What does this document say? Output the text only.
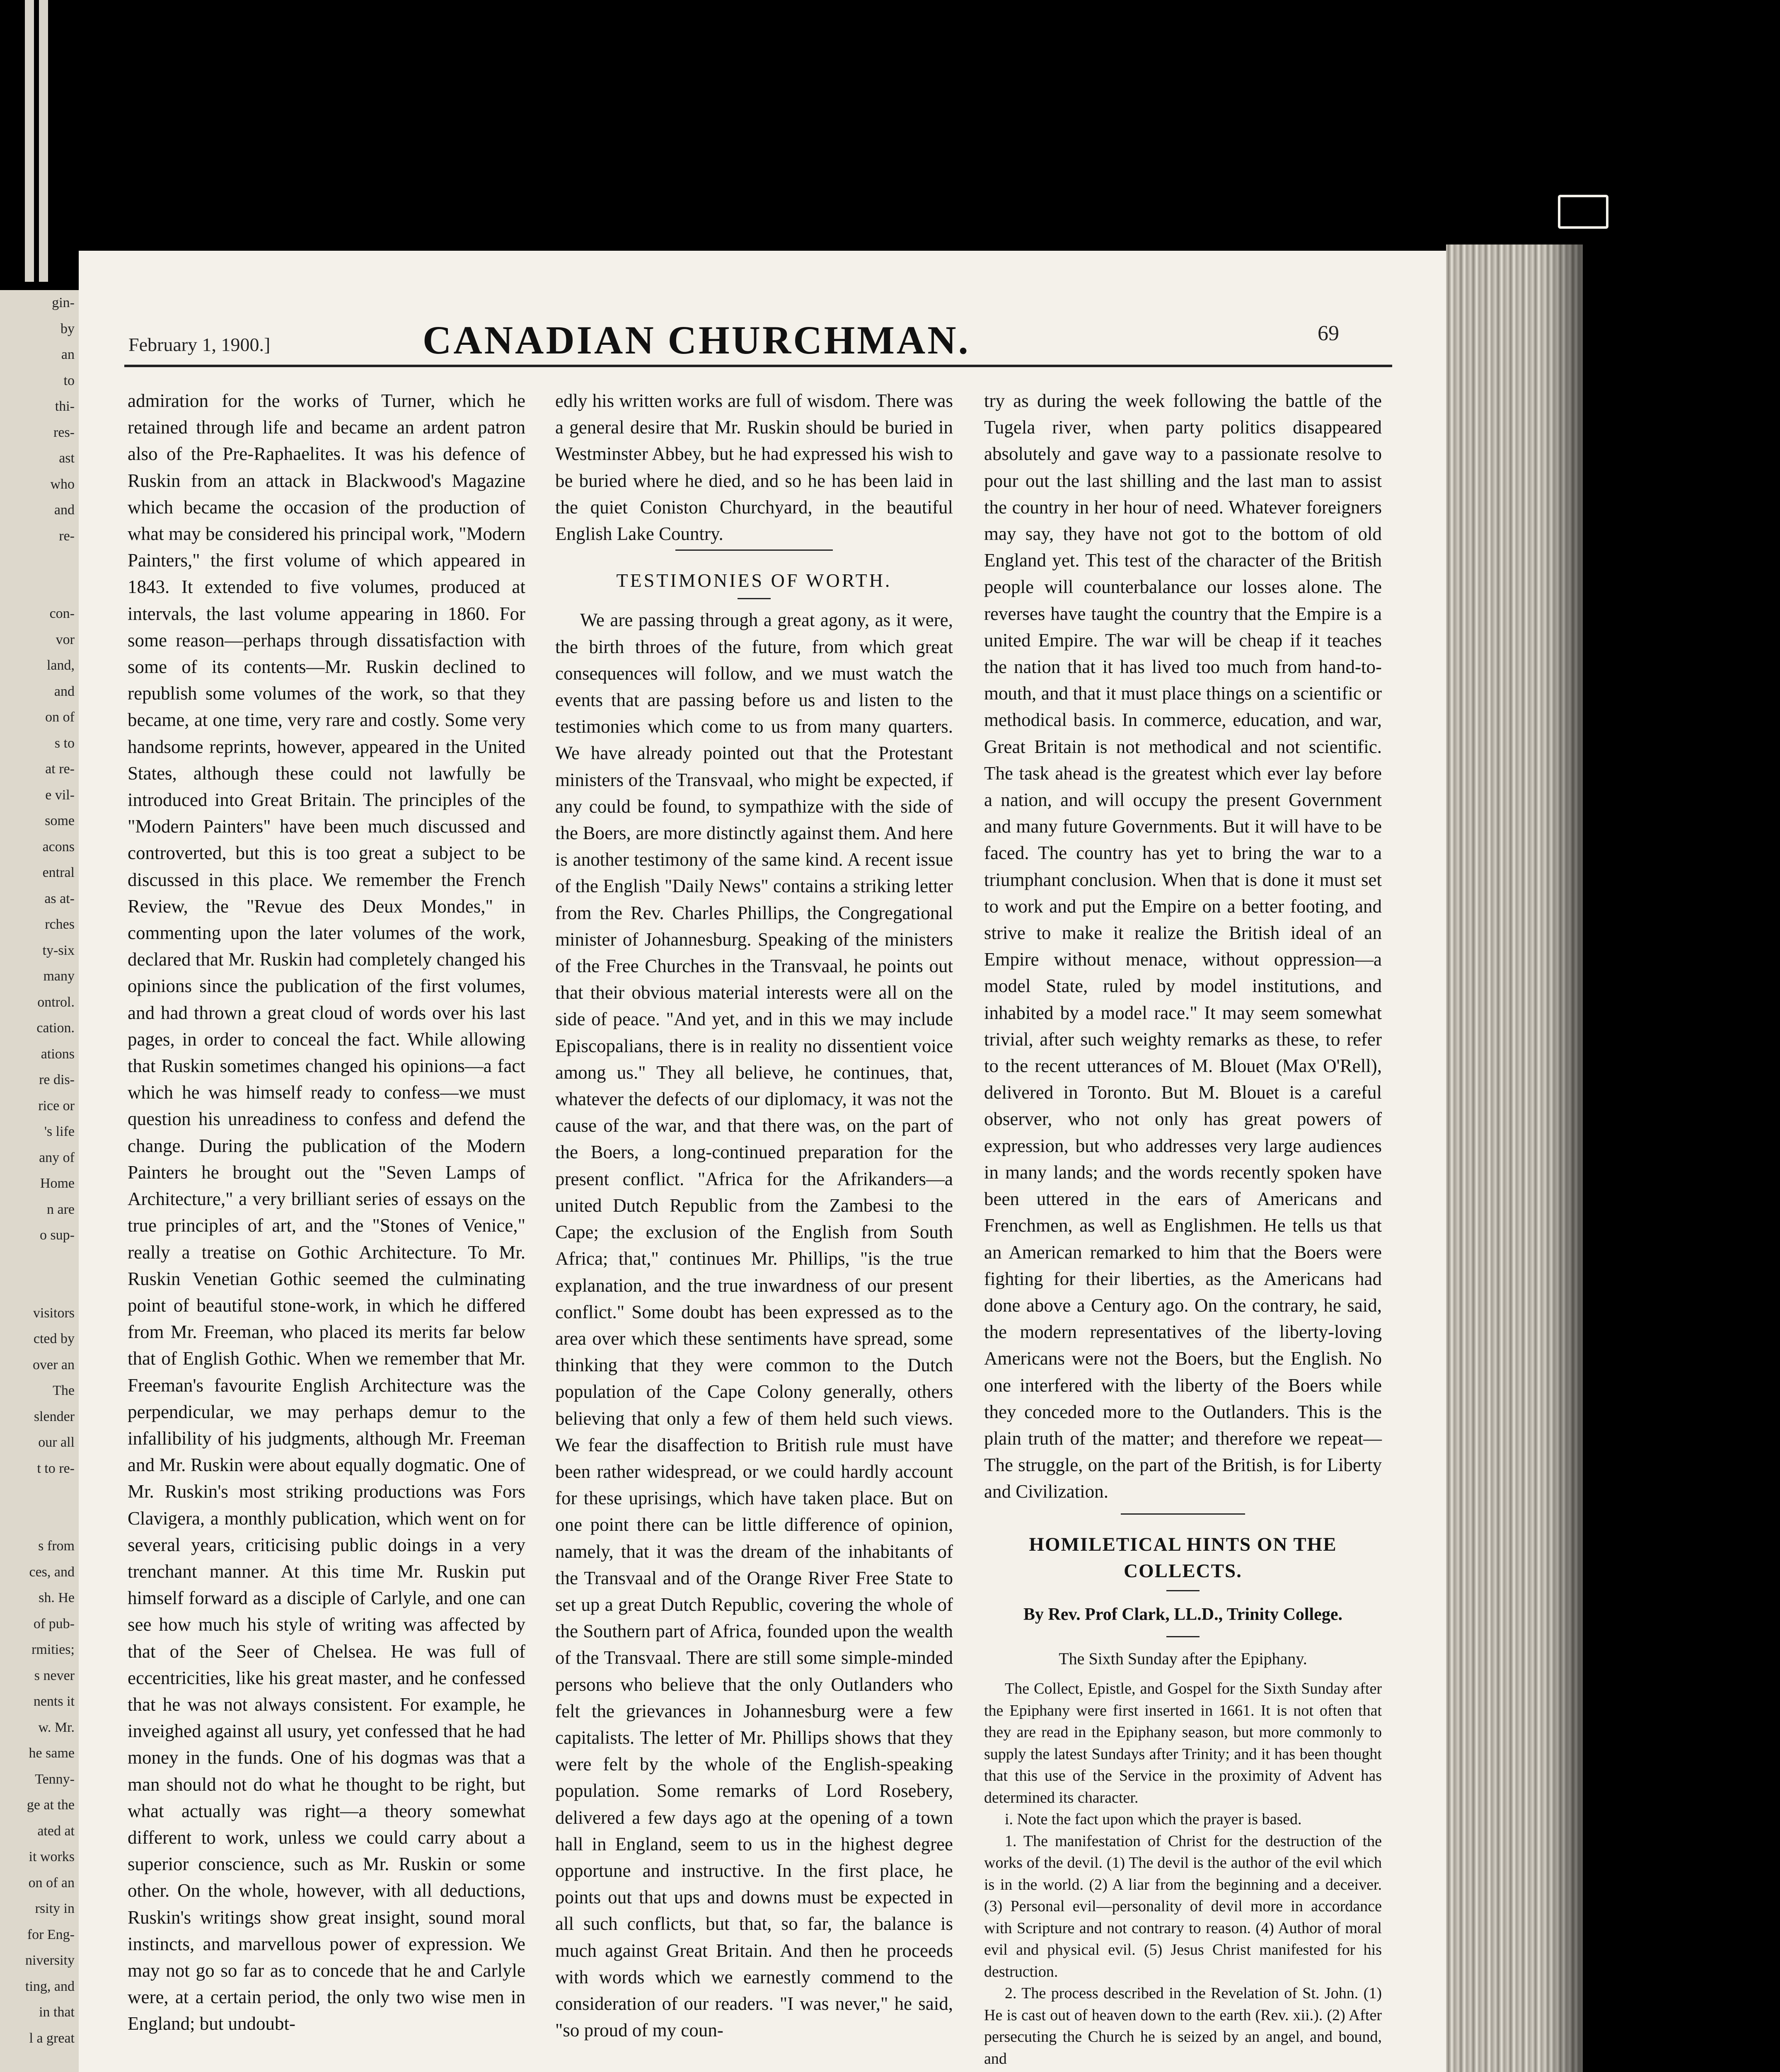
gin-
by
an
to
thi-
res-
ast
who
and
re-

con-
vor
land,
and
on of
s to
at re-
e vil-
some
acons
entral
as at-
rches
ty-six
many
ontrol.
cation.
ations
re dis-
rice or
's life
any of
Home
n are
o sup-

visitors
cted by
over an
The
slender
our all
t to re-

s from
ces, and
sh. He
of pub-
rmities;
s never
nents it
w. Mr.
he same
Tenny-
ge at the
ated at
it works
on of an
rsity in
for Eng-
niversity
ting, and
in that
l a great
February 1, 1900.]	CANADIAN CHURCHMAN.	69

admiration for the works of Turner, which he retained through life and became an ardent patron also of the Pre-Raphaelites. It was his defence of Ruskin from an attack in Blackwood's Magazine which became the occasion of the production of what may be considered his principal work, "Modern Painters," the first volume of which appeared in 1843. It extended to five volumes, produced at intervals, the last volume appearing in 1860. For some reason—perhaps through dissatisfaction with some of its contents—Mr. Ruskin declined to republish some volumes of the work, so that they became, at one time, very rare and costly. Some very handsome reprints, however, appeared in the United States, although these could not lawfully be introduced into Great Britain. The principles of the "Modern Painters" have been much discussed and controverted, but this is too great a subject to be discussed in this place. We remember the French Review, the "Revue des Deux Mondes," in commenting upon the later volumes of the work, declared that Mr. Ruskin had completely changed his opinions since the publication of the first volumes, and had thrown a great cloud of words over his last pages, in order to conceal the fact. While allowing that Ruskin sometimes changed his opinions—a fact which he was himself ready to confess—we must question his unreadiness to confess and defend the change. During the publication of the Modern Painters he brought out the "Seven Lamps of Architecture," a very brilliant series of essays on the true principles of art, and the "Stones of Venice," really a treatise on Gothic Architecture. To Mr. Ruskin Venetian Gothic seemed the culminating point of beautiful stone-work, in which he differed from Mr. Freeman, who placed its merits far below that of English Gothic. When we remember that Mr. Freeman's favourite English Architecture was the perpendicular, we may perhaps demur to the infallibility of his judgments, although Mr. Freeman and Mr. Ruskin were about equally dogmatic. One of Mr. Ruskin's most striking productions was Fors Clavigera, a monthly publication, which went on for several years, criticising public doings in a very trenchant manner. At this time Mr. Ruskin put himself forward as a disciple of Carlyle, and one can see how much his style of writing was affected by that of the Seer of Chelsea. He was full of eccentricities, like his great master, and he confessed that he was not always consistent. For example, he inveighed against all usury, yet confessed that he had money in the funds. One of his dogmas was that a man should not do what he thought to be right, but what actually was right—a theory somewhat different to work, unless we could carry about a superior conscience, such as Mr. Ruskin or some other. On the whole, however, with all deductions, Ruskin's writings show great insight, sound moral instincts, and marvellous power of expression. We may not go so far as to concede that he and Carlyle were, at a certain period, the only two wise men in England; but undoubt-

edly his written works are full of wisdom. There was a general desire that Mr. Ruskin should be buried in Westminster Abbey, but he had expressed his wish to be buried where he died, and so he has been laid in the quiet Coniston Churchyard, in the beautiful English Lake Country.

TESTIMONIES OF WORTH.

We are passing through a great agony, as it were, the birth throes of the future, from which great consequences will follow, and we must watch the events that are passing before us and listen to the testimonies which come to us from many quarters. We have already pointed out that the Protestant ministers of the Transvaal, who might be expected, if any could be found, to sympathize with the side of the Boers, are more distinctly against them. And here is another testimony of the same kind. A recent issue of the English "Daily News" contains a striking letter from the Rev. Charles Phillips, the Congregational minister of Johannesburg. Speaking of the ministers of the Free Churches in the Transvaal, he points out that their obvious material interests were all on the side of peace. "And yet, and in this we may include Episcopalians, there is in reality no dissentient voice among us." They all believe, he continues, that, whatever the defects of our diplomacy, it was not the cause of the war, and that there was, on the part of the Boers, a long-continued preparation for the present conflict. "Africa for the Afrikanders—a united Dutch Republic from the Zambesi to the Cape; the exclusion of the English from South Africa; that," continues Mr. Phillips, "is the true explanation, and the true inwardness of our present conflict." Some doubt has been expressed as to the area over which these sentiments have spread, some thinking that they were common to the Dutch population of the Cape Colony generally, others believing that only a few of them held such views. We fear the disaffection to British rule must have been rather widespread, or we could hardly account for these uprisings, which have taken place. But on one point there can be little difference of opinion, namely, that it was the dream of the inhabitants of the Transvaal and of the Orange River Free State to set up a great Dutch Republic, covering the whole of the Southern part of Africa, founded upon the wealth of the Transvaal. There are still some simple-minded persons who believe that the only Outlanders who felt the grievances in Johannesburg were a few capitalists. The letter of Mr. Phillips shows that they were felt by the whole of the English-speaking population. Some remarks of Lord Rosebery, delivered a few days ago at the opening of a town hall in England, seem to us in the highest degree opportune and instructive. In the first place, he points out that ups and downs must be expected in all such conflicts, but that, so far, the balance is much against Great Britain. And then he proceeds with words which we earnestly commend to the consideration of our readers. "I was never," he said, "so proud of my coun-

try as during the week following the battle of the Tugela river, when party politics disappeared absolutely and gave way to a passionate resolve to pour out the last shilling and the last man to assist the country in her hour of need. Whatever foreigners may say, they have not got to the bottom of old England yet. This test of the character of the British people will counterbalance our losses alone. The reverses have taught the country that the Empire is a united Empire. The war will be cheap if it teaches the nation that it has lived too much from hand-to-mouth, and that it must place things on a scientific or methodical basis. In commerce, education, and war, Great Britain is not methodical and not scientific. The task ahead is the greatest which ever lay before a nation, and will occupy the present Government and many future Governments. But it will have to be faced. The country has yet to bring the war to a triumphant conclusion. When that is done it must set to work and put the Empire on a better footing, and strive to make it realize the British ideal of an Empire without menace, without oppression—a model State, ruled by model institutions, and inhabited by a model race." It may seem somewhat trivial, after such weighty remarks as these, to refer to the recent utterances of M. Blouet (Max O'Rell), delivered in Toronto. But M. Blouet is a careful observer, who not only has great powers of expression, but who addresses very large audiences in many lands; and the words recently spoken have been uttered in the ears of Americans and Frenchmen, as well as Englishmen. He tells us that an American remarked to him that the Boers were fighting for their liberties, as the Americans had done above a Century ago. On the contrary, he said, the modern representatives of the liberty-loving Americans were not the Boers, but the English. No one interfered with the liberty of the Boers while they conceded more to the Outlanders. This is the plain truth of the matter; and therefore we repeat—The struggle, on the part of the British, is for Liberty and Civilization.

HOMILETICAL HINTS ON THE COLLECTS.
By Rev. Prof Clark, LL.D., Trinity College.
The Sixth Sunday after the Epiphany.

The Collect, Epistle, and Gospel for the Sixth Sunday after the Epiphany were first inserted in 1661. It is not often that they are read in the Epiphany season, but more commonly to supply the latest Sundays after Trinity; and it has been thought that this use of the Service in the proximity of Advent has determined its character.

i. Note the fact upon which the prayer is based.

1. The manifestation of Christ for the destruction of the works of the devil. (1) The devil is the author of the evil which is in the world. (2) A liar from the beginning and a deceiver. (3) Personal evil—personality of devil more in accordance with Scripture and not contrary to reason. (4) Author of moral evil and physical evil. (5) Jesus Christ manifested for his destruction.

2. The process described in the Revelation of St. John. (1) He is cast out of heaven down to the earth (Rev. xii.). (2) After persecuting the Church he is seized by an angel, and bound, and
